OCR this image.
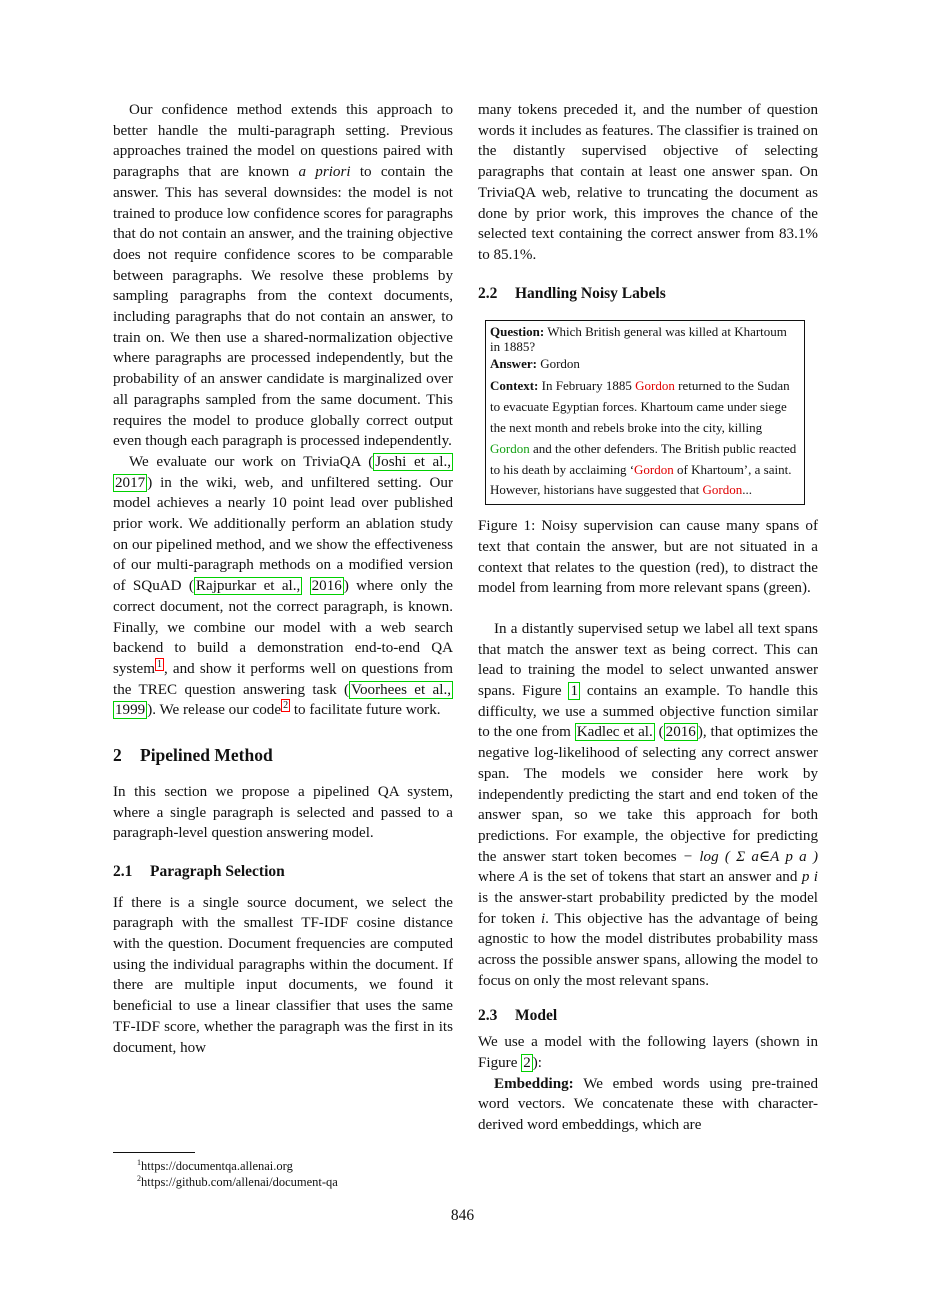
Our confidence method extends this approach to better handle the multi-paragraph setting. Previous approaches trained the model on questions paired with paragraphs that are known a priori to contain the answer. This has several downsides: the model is not trained to produce low confidence scores for paragraphs that do not contain an answer, and the training objective does not require confidence scores to be comparable between paragraphs. We resolve these problems by sampling paragraphs from the context documents, including paragraphs that do not contain an answer, to train on. We then use a shared-normalization objective where paragraphs are processed independently, but the probability of an answer candidate is marginalized over all paragraphs sampled from the same document. This requires the model to produce globally correct output even though each paragraph is processed independently.

We evaluate our work on TriviaQA ( Joshi et al., 2017 ) in the wiki, web, and unfiltered setting. Our model achieves a nearly 10 point lead over published prior work. We additionally perform an ablation study on our pipelined method, and we show the effectiveness of our multi-paragraph methods on a modified version of SQuAD ( Rajpurkar et al., 2016 ) where only the correct document, not the correct paragraph, is known. Finally, we combine our model with a web search backend to build a demonstration end-to-end QA system $^1$ , and show it performs well on questions from the TREC question answering task ( Voorhees et al., 1999 ). We release our code $^2$ to facilitate future work.

2 Pipelined Method

In this section we propose a pipelined QA system, where a single paragraph is selected and passed to a paragraph-level question answering model.

2.1 Paragraph Selection

If there is a single source document, we select the paragraph with the smallest TF-IDF cosine distance with the question. Document frequencies are computed using the individual paragraphs within the document. If there are multiple input documents, we found it beneficial to use a linear classifier that uses the same TF-IDF score, whether the paragraph was the first in its document, how

$^1$https://documentqa.allenai.org
$^2$https://github.com/allenai/document-qa

many tokens preceded it, and the number of question words it includes as features. The classifier is trained on the distantly supervised objective of selecting paragraphs that contain at least one answer span. On TriviaQA web, relative to truncating the document as done by prior work, this improves the chance of the selected text containing the correct answer from 83.1% to 85.1%.

2.2 Handling Noisy Labels
Question: Which British general was killed at Khartoum in 1885?
Answer: Gordon
Context: In February 1885 Gordon returned to the Sudan to evacuate Egyptian forces. Khartoum came under siege the next month and rebels broke into the city, killing Gordon and the other defenders. The British public reacted to his death by acclaiming ‘Gordon of Khartoum’, a saint. However, historians have suggested that Gordon...

Figure 1: Noisy supervision can cause many spans of text that contain the answer, but are not situated in a context that relates to the question (red), to distract the model from learning from more relevant spans (green).

In a distantly supervised setup we label all text spans that match the answer text as being correct. This can lead to training the model to select unwanted answer spans. Figure 1 contains an example. To handle this difficulty, we use a summed objective function similar to the one from Kadlec et al. ( 2016 ), that optimizes the negative log-likelihood of selecting any correct answer span. The models we consider here work by independently predicting the start and end token of the answer span, so we take this approach for both predictions. For example, the objective for predicting the answer start token becomes − log ( Σ a∈A p a ) where A is the set of tokens that start an answer and p i is the answer-start probability predicted by the model for token i. This objective has the advantage of being agnostic to how the model distributes probability mass across the possible answer spans, allowing the model to focus on only the most relevant spans.

2.3 Model

We use a model with the following layers (shown in Figure 2 ):

Embedding: We embed words using pre-trained word vectors. We concatenate these with character-derived word embeddings, which are

846
